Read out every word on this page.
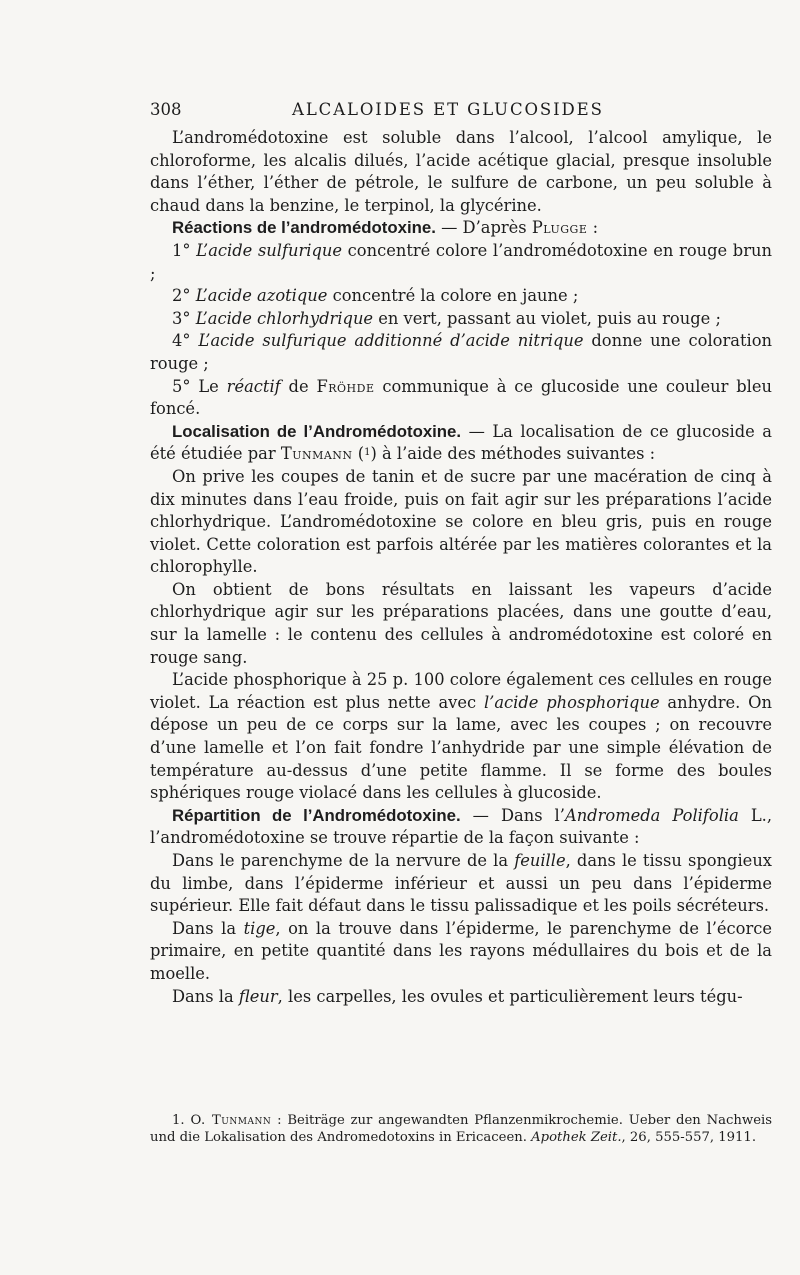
308	ALCALOIDES ET GLUCOSIDES

L’andromédotoxine est soluble dans l’alcool, l’alcool amylique, le chloroforme, les alcalis dilués, l’acide acétique glacial, presque insoluble dans l’éther, l’éther de pétrole, le sulfure de carbone, un peu soluble à chaud dans la benzine, le terpinol, la glycérine.

Réactions de l’andromédotoxine. — D’après Plugge :

1° L’acide sulfurique concentré colore l’andromédotoxine en rouge brun ;

2° L’acide azotique concentré la colore en jaune ;

3° L’acide chlorhydrique en vert, passant au violet, puis au rouge ;

4° L’acide sulfurique additionné d’acide nitrique donne une coloration rouge ;

5° Le réactif de Fröhde communique à ce glucoside une couleur bleu foncé.

Localisation de l’Andromédotoxine. — La localisation de ce glucoside a été étudiée par Tunmann ($^1$) à l’aide des méthodes suivantes :

On prive les coupes de tanin et de sucre par une macération de cinq à dix minutes dans l’eau froide, puis on fait agir sur les préparations l’acide chlorhydrique. L’andromédotoxine se colore en bleu gris, puis en rouge violet. Cette coloration est parfois altérée par les matières colorantes et la chlorophylle.

On obtient de bons résultats en laissant les vapeurs d’acide chlorhydrique agir sur les préparations placées, dans une goutte d’eau, sur la lamelle : le contenu des cellules à andromédotoxine est coloré en rouge sang.

L’acide phosphorique à 25 p. 100 colore également ces cellules en rouge violet. La réaction est plus nette avec l’acide phosphorique anhydre. On dépose un peu de ce corps sur la lame, avec les coupes ; on recouvre d’une lamelle et l’on fait fondre l’anhydride par une simple élévation de température au-dessus d’une petite flamme. Il se forme des boules sphériques rouge violacé dans les cellules à glucoside.

Répartition de l’Andromédotoxine. — Dans l’Andromeda Polifolia L., l’andromédotoxine se trouve répartie de la façon suivante :

Dans le parenchyme de la nervure de la feuille, dans le tissu spongieux du limbe, dans l’épiderme inférieur et aussi un peu dans l’épiderme supérieur. Elle fait défaut dans le tissu palissadique et les poils sécréteurs.

Dans la tige, on la trouve dans l’épiderme, le parenchyme de l’écorce primaire, en petite quantité dans les rayons médullaires du bois et de la moelle.

Dans la fleur, les carpelles, les ovules et particulièrement leurs tégu-

1. O. Tunmann : Beiträge zur angewandten Pflanzenmikrochemie. Ueber den Nachweis und die Lokalisation des Andromedotoxins in Ericaceen. Apothek Zeit., 26, 555-557, 1911.
